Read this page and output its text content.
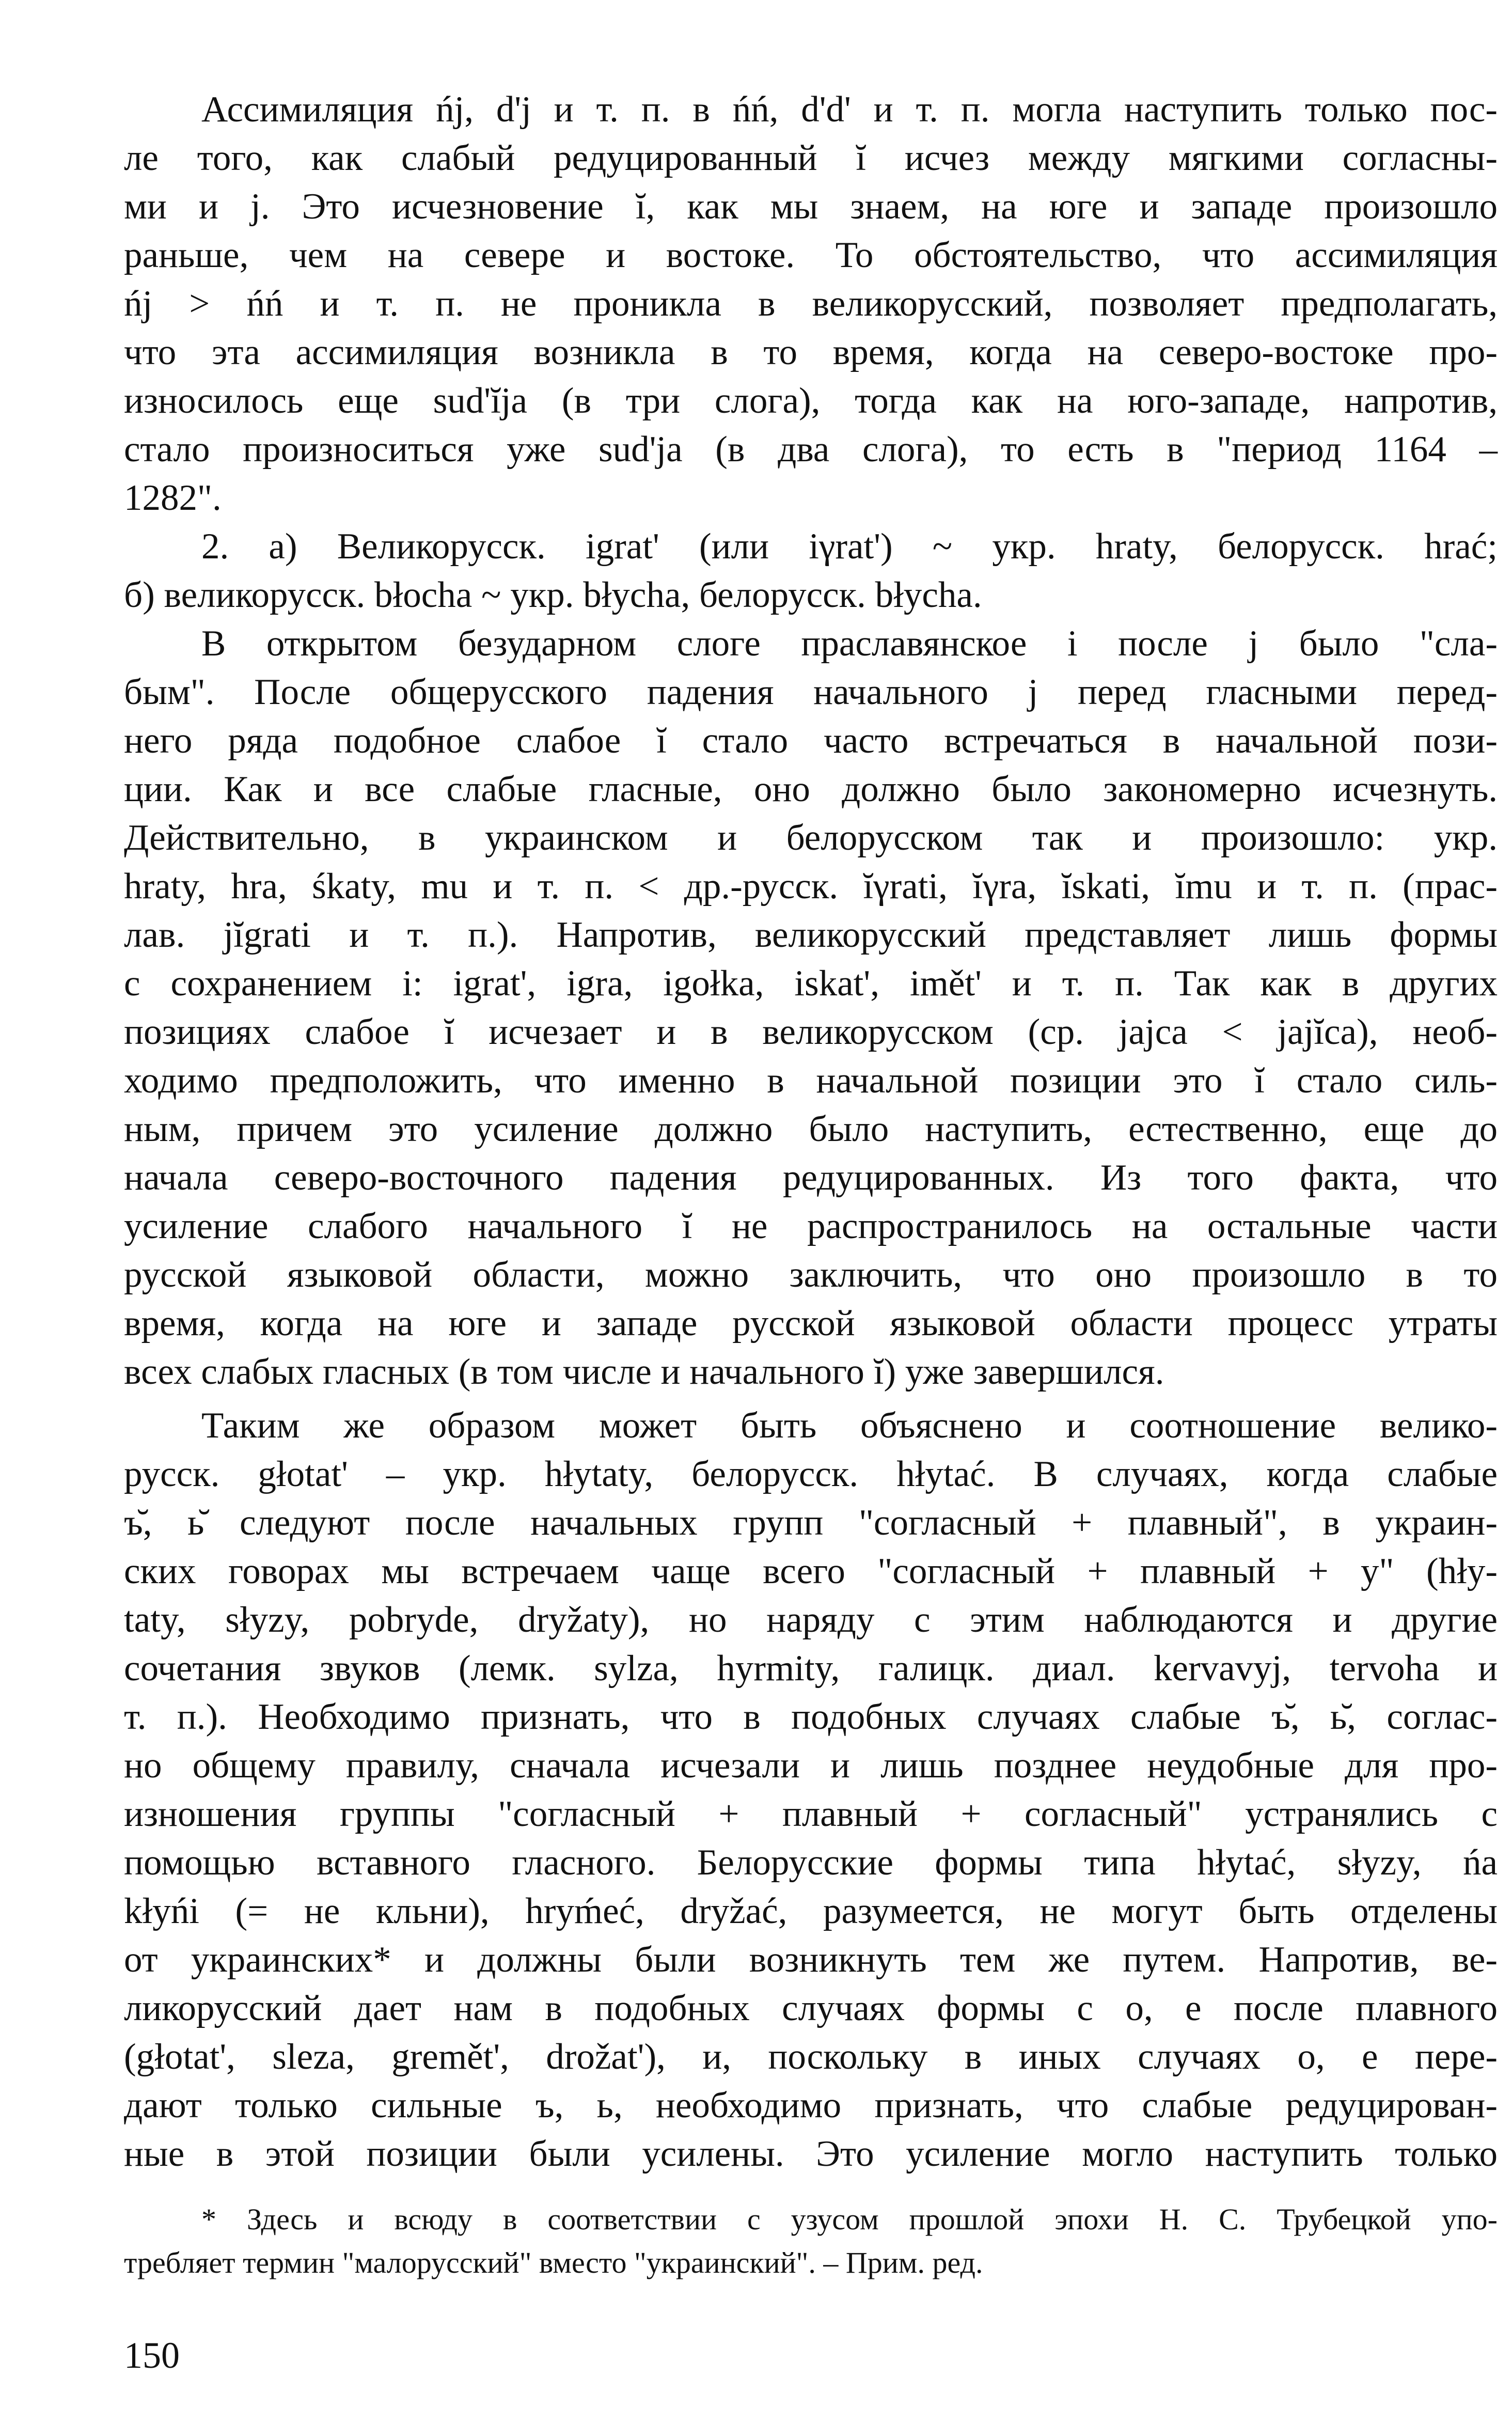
Ассимиляция ńj, d'j и т. п. в ńń, d'd' и т. п. могла наступить только пос-
ле того, как слабый редуцированный ĭ исчез между мягкими согласны-
ми и j. Это исчезновение ĭ, как мы знаем, на юге и западе произошло
раньше, чем на севере и востоке. То обстоятельство, что ассимиляция
ńj > ńń и т. п. не проникла в великорусский, позволяет предполагать,
что эта ассимиляция возникла в то время, когда на северо-востоке про-
износилось еще sud'ĭja (в три слога), тогда как на юго-западе, напротив,
стало произноситься уже sud'ja (в два слога), то есть в "период 1164 –
1282".
2. а) Великорусск. igrat' (или iγrat') ~ укр. hraty, белорусск. hrać;
б) великорусск. błocha ~ укр. błycha, белорусск. błycha.
В открытом безударном слоге праславянское i после j было "сла-
бым". После общерусского падения начального j перед гласными перед-
него ряда подобное слабое ĭ стало часто встречаться в начальной пози-
ции. Как и все слабые гласные, оно должно было закономерно исчезнуть.
Действительно, в украинском и белорусском так и произошло: укр.
hraty, hra, śkaty, mu и т. п. < др.-русск. ĭγrati, ĭγra, ĭskati, ĭmu и т. п. (прас-
лав. jĭgrati и т. п.). Напротив, великорусский представляет лишь формы
с сохранением i: igrat', igra, igołka, iskat', imět' и т. п. Так как в других
позициях слабое ĭ исчезает и в великорусском (ср. jajca < jajĭca), необ-
ходимо предположить, что именно в начальной позиции это ĭ стало силь-
ным, причем это усиление должно было наступить, естественно, еще до
начала северо-восточного падения редуцированных. Из того факта, что
усиление слабого начального ĭ не распространилось на остальные части
русской языковой области, можно заключить, что оно произошло в то
время, когда на юге и западе русской языковой области процесс утраты
всех слабых гласных (в том числе и начального ĭ) уже завершился.
Таким же образом может быть объяснено и соотношение велико-
русск. głotat' – укр. hłytaty, белорусск. hłytać. В случаях, когда слабые
ъ̆, ь̆ следуют после начальных групп "согласный + плавный", в украин-
ских говорах мы встречаем чаще всего "согласный + плавный + у" (hły-
taty, słyzy, pobryde, dryžaty), но наряду с этим наблюдаются и другие
сочетания звуков (лемк. sylza, hyrmity, галицк. диал. kervavyj, tervoha и
т. п.). Необходимо признать, что в подобных случаях слабые ъ̆, ь̆, соглас-
но общему правилу, сначала исчезали и лишь позднее неудобные для про-
изношения группы "согласный + плавный + согласный" устранялись с
помощью вставного гласного. Белорусские формы типа hłytać, słyzy, ńa
kłyńi (= не кльни), hryḿeć, dryžać, разумеется, не могут быть отделены
от украинских* и должны были возникнуть тем же путем. Напротив, ве-
ликорусский дает нам в подобных случаях формы с о, е после плавного
(głotat', sleza, gremět', drožat'), и, поскольку в иных случаях о, е пере-
дают только сильные ъ, ь, необходимо признать, что слабые редуцирован-
ные в этой позиции были усилены. Это усиление могло наступить только
* Здесь и всюду в соответствии с узусом прошлой эпохи Н. С. Трубецкой упо-
требляет термин "малорусский" вместо "украинский". – Прим. ред.
150
